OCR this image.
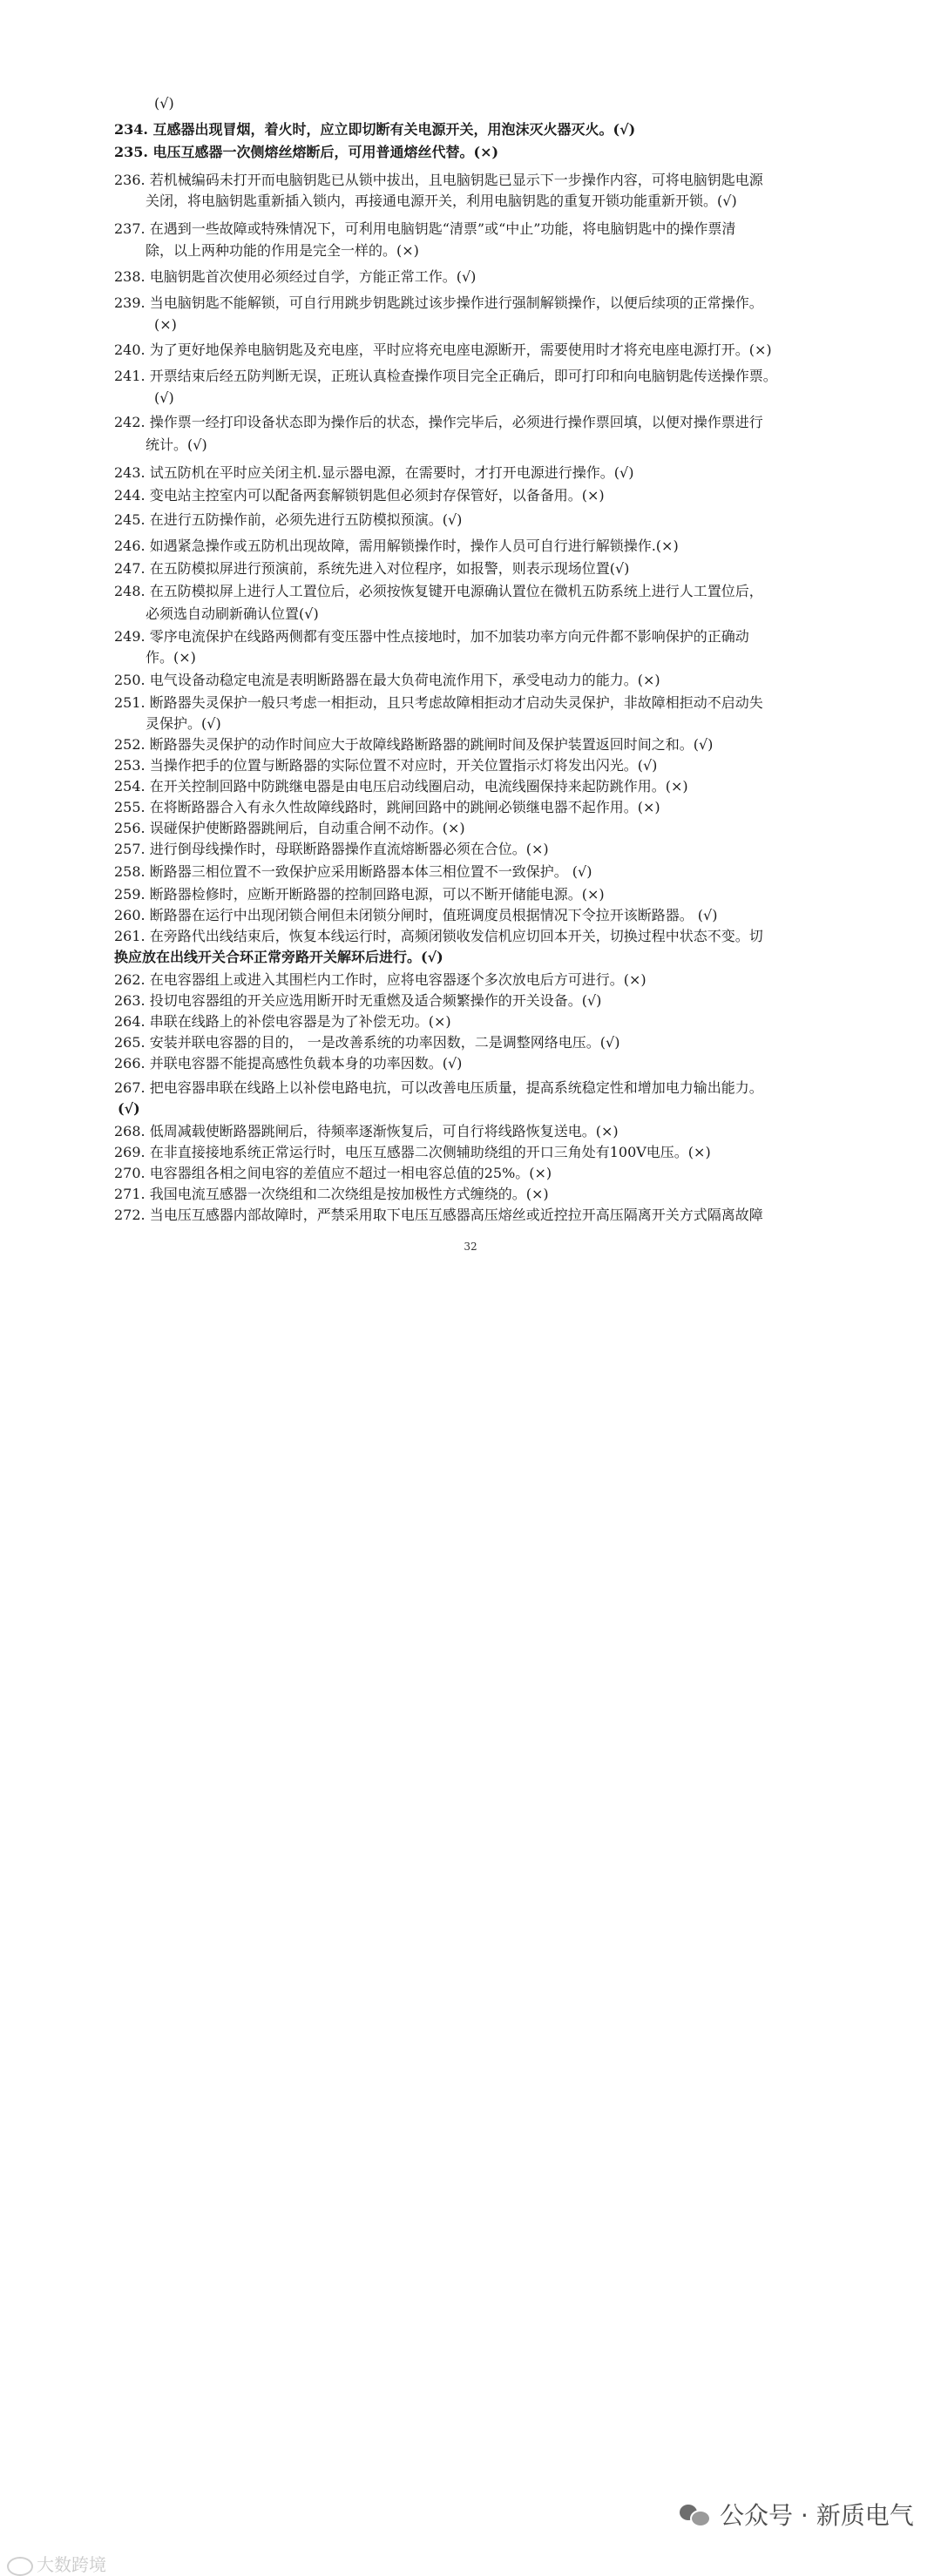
(√)
234. 互感器出现冒烟，着火时，应立即切断有关电源开关，用泡沫灭火器灭火。(√)
235. 电压互感器一次侧熔丝熔断后，可用普通熔丝代替。(×)
236. 若机械编码未打开而电脑钥匙已从锁中拔出，且电脑钥匙已显示下一步操作内容，可将电脑钥匙电源
关闭，将电脑钥匙重新插入锁内，再接通电源开关，利用电脑钥匙的重复开锁功能重新开锁。(√)
237. 在遇到一些故障或特殊情况下，可利用电脑钥匙“清票”或“中止”功能，将电脑钥匙中的操作票清
除，以上两种功能的作用是完全一样的。(×)
238. 电脑钥匙首次使用必须经过自学，方能正常工作。(√)
239. 当电脑钥匙不能解锁，可自行用跳步钥匙跳过该步操作进行强制解锁操作，以便后续项的正常操作。
(×)
240. 为了更好地保养电脑钥匙及充电座，平时应将充电座电源断开，需要使用时才将充电座电源打开。(×)
241. 开票结束后经五防判断无误，正班认真检查操作项目完全正确后，即可打印和向电脑钥匙传送操作票。
(√)
242. 操作票一经打印设备状态即为操作后的状态，操作完毕后，必须进行操作票回填，以便对操作票进行
统计。(√)
243. 试五防机在平时应关闭主机.显示器电源，在需要时，才打开电源进行操作。(√)
244. 变电站主控室内可以配备两套解锁钥匙但必须封存保管好，以备备用。(×)
245. 在进行五防操作前，必须先进行五防模拟预演。(√)
246. 如遇紧急操作或五防机出现故障，需用解锁操作时，操作人员可自行进行解锁操作.(×)
247. 在五防模拟屏进行预演前，系统先进入对位程序，如报警，则表示现场位置(√)
248. 在五防模拟屏上进行人工置位后，必须按恢复键开电源确认置位在微机五防系统上进行人工置位后，
必须选自动刷新确认位置(√)
249. 零序电流保护在线路两侧都有变压器中性点接地时，加不加装功率方向元件都不影响保护的正确动
作。(×)
250. 电气设备动稳定电流是表明断路器在最大负荷电流作用下，承受电动力的能力。(×)
251. 断路器失灵保护一般只考虑一相拒动，且只考虑故障相拒动才启动失灵保护，非故障相拒动不启动失
灵保护。(√)
252. 断路器失灵保护的动作时间应大于故障线路断路器的跳闸时间及保护装置返回时间之和。(√)
253. 当操作把手的位置与断路器的实际位置不对应时，开关位置指示灯将发出闪光。(√)
254. 在开关控制回路中防跳继电器是由电压启动线圈启动，电流线圈保持来起防跳作用。(×)
255. 在将断路器合入有永久性故障线路时，跳闸回路中的跳闸必锁继电器不起作用。(×)
256. 误碰保护使断路器跳闸后，自动重合闸不动作。(×)
257. 进行倒母线操作时，母联断路器操作直流熔断器必须在合位。(×)
258. 断路器三相位置不一致保护应采用断路器本体三相位置不一致保护。 (√)
259. 断路器检修时，应断开断路器的控制回路电源，可以不断开储能电源。(×)
260. 断路器在运行中出现闭锁合闸但未闭锁分闸时，值班调度员根据情况下令拉开该断路器。 (√)
261. 在旁路代出线结束后，恢复本线运行时，高频闭锁收发信机应切回本开关，切换过程中状态不变。切
换应放在出线开关合环正常旁路开关解环后进行。(√)
262. 在电容器组上或进入其围栏内工作时，应将电容器逐个多次放电后方可进行。(×)
263. 投切电容器组的开关应选用断开时无重燃及适合频繁操作的开关设备。(√)
264. 串联在线路上的补偿电容器是为了补偿无功。(×)
265. 安装并联电容器的目的， 一是改善系统的功率因数，二是调整网络电压。(√)
266. 并联电容器不能提高感性负载本身的功率因数。(√)
267. 把电容器串联在线路上以补偿电路电抗，可以改善电压质量，提高系统稳定性和增加电力输出能力。
(√)
268. 低周减载使断路器跳闸后，待频率逐渐恢复后，可自行将线路恢复送电。(×)
269. 在非直接接地系统正常运行时，电压互感器二次侧辅助绕组的开口三角处有100V电压。(×)
270. 电容器组各相之间电容的差值应不超过一相电容总值的25%。(×)
271. 我国电流互感器一次绕组和二次绕组是按加极性方式缠绕的。(×)
272. 当电压互感器内部故障时，严禁采用取下电压互感器高压熔丝或近控拉开高压隔离开关方式隔离故障
32
大数跨境
公众号 · 新质电气
